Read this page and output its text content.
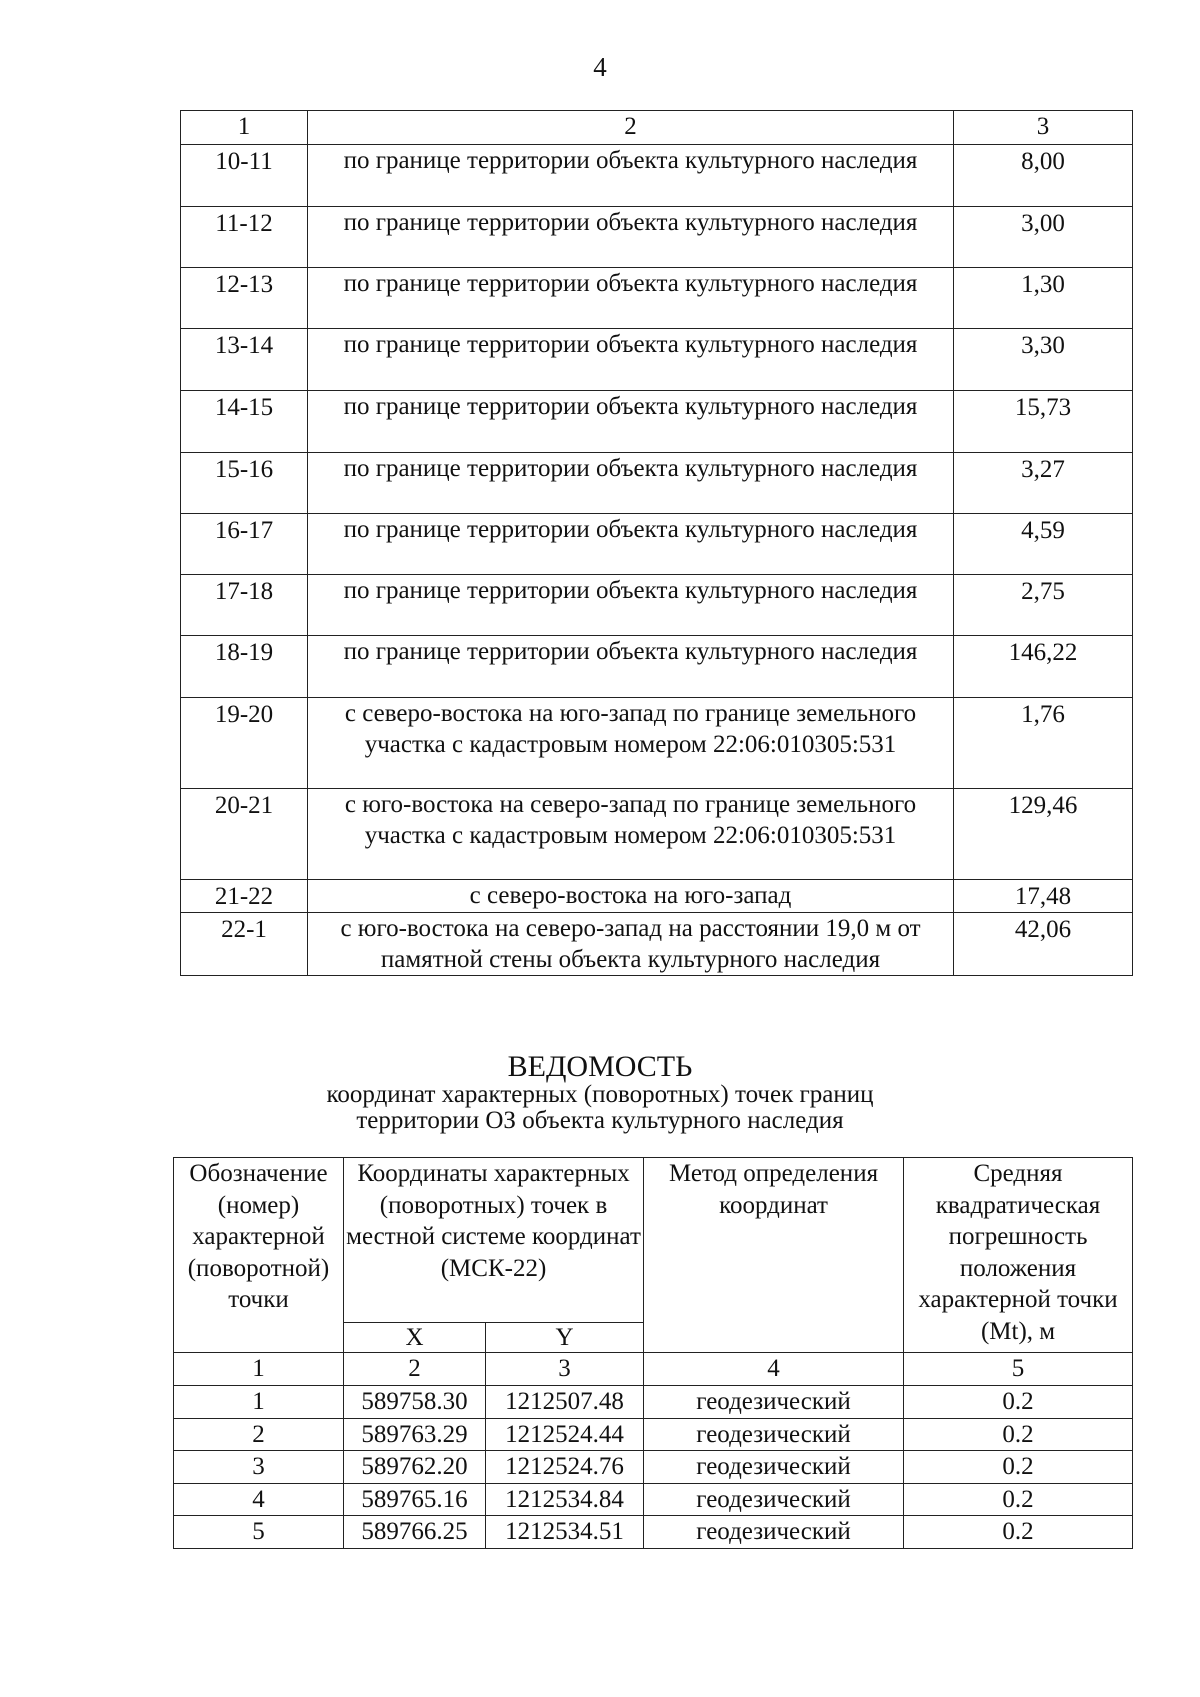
4
1	2	3
10-11	по границе территории объекта культурного наследия	8,00
11-12	по границе территории объекта культурного наследия	3,00
12-13	по границе территории объекта культурного наследия	1,30
13-14	по границе территории объекта культурного наследия	3,30
14-15	по границе территории объекта культурного наследия	15,73
15-16	по границе территории объекта культурного наследия	3,27
16-17	по границе территории объекта культурного наследия	4,59
17-18	по границе территории объекта культурного наследия	2,75
18-19	по границе территории объекта культурного наследия	146,22
19-20	с северо-востока на юго-запад по границе земельного участка с кадастровым номером 22:06:010305:531	1,76
20-21	с юго-востока на северо-запад по границе земельного участка с кадастровым номером 22:06:010305:531	129,46
21-22	с северо-востока на юго-запад	17,48
22-1	с юго-востока на северо-запад на расстоянии 19,0 м от памятной стены объекта культурного наследия	42,06
ВЕДОМОСТЬ
координат характерных (поворотных) точек границ
территории ОЗ объекта культурного наследия
Обозначение (номер) характерной (поворотной) точки	Координаты характерных (поворотных) точек в местной системе координат (МСК-22)		Метод определения координат	Средняя квадратическая погрешность положения характерной точки (Mt), м
	X	Y		
1	2	3	4	5
1	589758.30	1212507.48	геодезический	0.2
2	589763.29	1212524.44	геодезический	0.2
3	589762.20	1212524.76	геодезический	0.2
4	589765.16	1212534.84	геодезический	0.2
5	589766.25	1212534.51	геодезический	0.2
